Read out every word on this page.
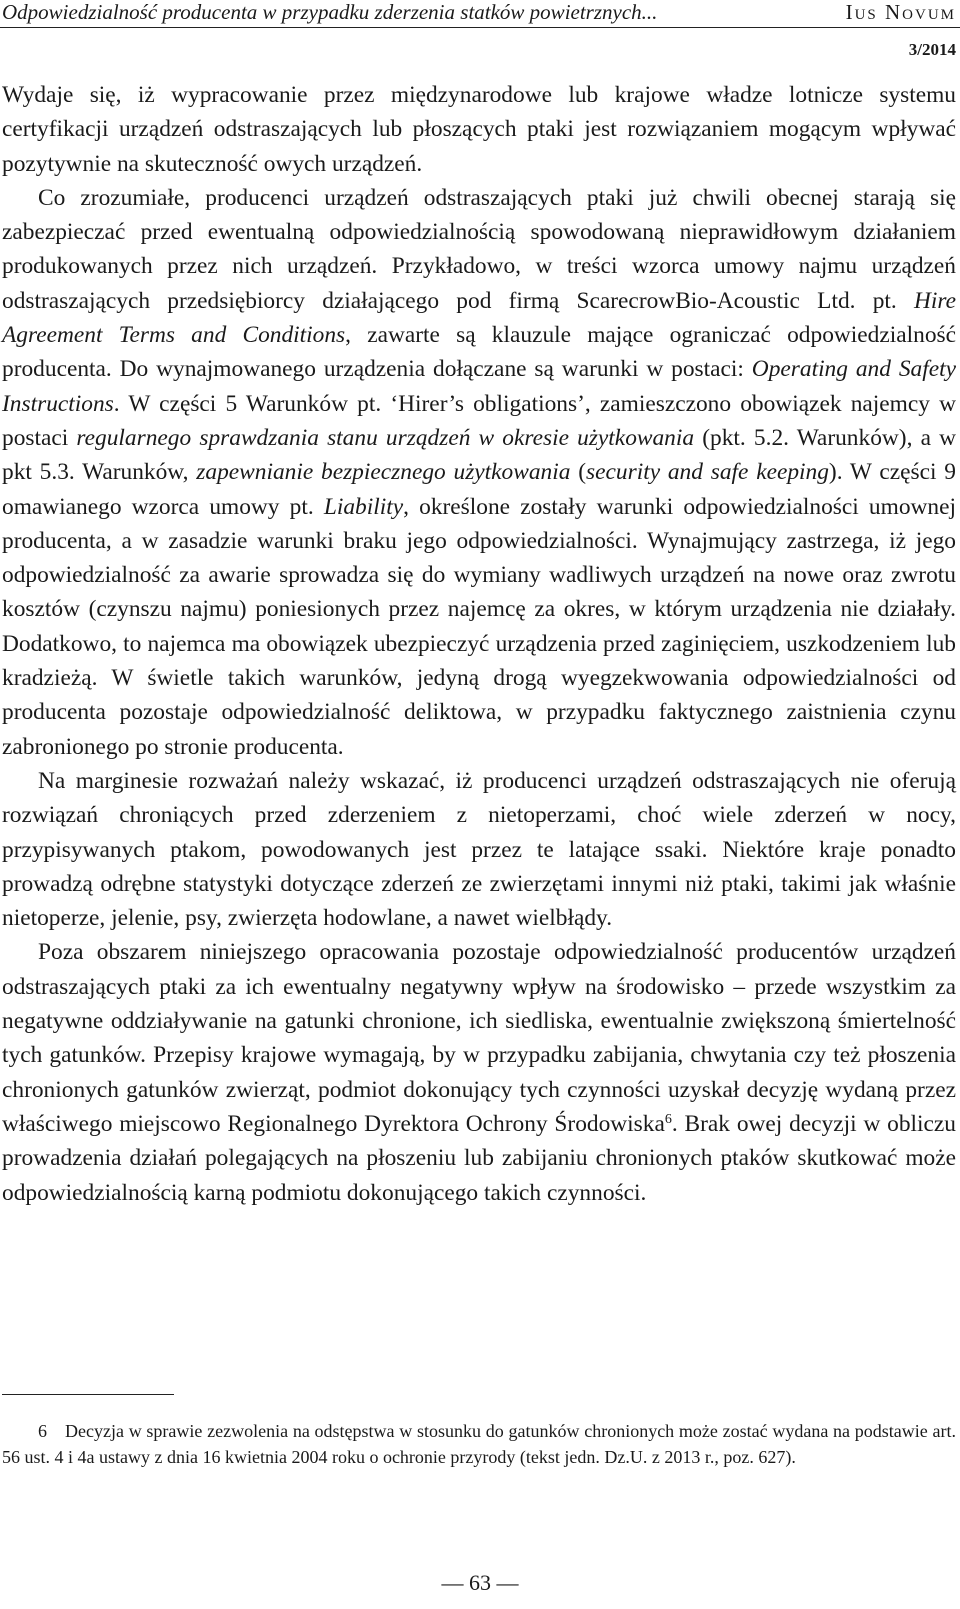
Odpowiedzialność producenta w przypadku zderzenia statków powietrznych...	Ius Novum
3/2014

Wydaje się, iż wypracowanie przez międzynarodowe lub krajowe władze lotnicze systemu certyfikacji urządzeń odstraszających lub płoszących ptaki jest rozwiązaniem mogącym wpływać pozytywnie na skuteczność owych urządzeń.

Co zrozumiałe, producenci urządzeń odstraszających ptaki już chwili obecnej starają się zabezpieczać przed ewentualną odpowiedzialnością spowodowaną nieprawidłowym działaniem produkowanych przez nich urządzeń. Przykładowo, w treści wzorca umowy najmu urządzeń odstraszających przedsiębiorcy działającego pod firmą ScarecrowBio-Acoustic Ltd. pt. Hire Agreement Terms and Conditions, zawarte są klauzule mające ograniczać odpowiedzialność producenta. Do wynajmowanego urządzenia dołączane są warunki w postaci: Operating and Safety Instructions. W części 5 Warunków pt. ‘Hirer’s obligations’, zamieszczono obowiązek najemcy w postaci regularnego sprawdzania stanu urządzeń w okresie użytkowania (pkt. 5.2. Warunków), a w pkt 5.3. Warunków, zapewnianie bezpiecznego użytkowania (security and safe keeping). W części 9 omawianego wzorca umowy pt. Liability, określone zostały warunki odpowiedzialności umownej producenta, a w zasadzie warunki braku jego odpowiedzialności. Wynajmujący zastrzega, iż jego odpowiedzialność za awarie sprowadza się do wymiany wadliwych urządzeń na nowe oraz zwrotu kosztów (czynszu najmu) poniesionych przez najemcę za okres, w którym urządzenia nie działały. Dodatkowo, to najemca ma obowiązek ubezpieczyć urządzenia przed zaginięciem, uszkodzeniem lub kradzieżą. W świetle takich warunków, jedyną drogą wyegzekwowania odpowiedzialności od producenta pozostaje odpowiedzialność deliktowa, w przypadku faktycznego zaistnienia czynu zabronionego po stronie producenta.

Na marginesie rozważań należy wskazać, iż producenci urządzeń odstraszających nie oferują rozwiązań chroniących przed zderzeniem z nietoperzami, choć wiele zderzeń w nocy, przypisywanych ptakom, powodowanych jest przez te latające ssaki. Niektóre kraje ponadto prowadzą odrębne statystyki dotyczące zderzeń ze zwierzętami innymi niż ptaki, takimi jak właśnie nietoperze, jelenie, psy, zwierzęta hodowlane, a nawet wielbłądy.

Poza obszarem niniejszego opracowania pozostaje odpowiedzialność producentów urządzeń odstraszających ptaki za ich ewentualny negatywny wpływ na środowisko – przede wszystkim za negatywne oddziaływanie na gatunki chronione, ich siedliska, ewentualnie zwiększoną śmiertelność tych gatunków. Przepisy krajowe wymagają, by w przypadku zabijania, chwytania czy też płoszenia chronionych gatunków zwierząt, podmiot dokonujący tych czynności uzyskał decyzję wydaną przez właściwego miejscowo Regionalnego Dyrektora Ochrony Środowiska$^6$. Brak owej decyzji w obliczu prowadzenia działań polegających na płoszeniu lub zabijaniu chronionych ptaków skutkować może odpowiedzialnością karną podmiotu dokonującego takich czynności.

6 Decyzja w sprawie zezwolenia na odstępstwa w stosunku do gatunków chronionych może zostać wydana na podstawie art. 56 ust. 4 i 4a ustawy z dnia 16 kwietnia 2004 roku o ochronie przyrody (tekst jedn. Dz.U. z 2013 r., poz. 627).
— 63 —
